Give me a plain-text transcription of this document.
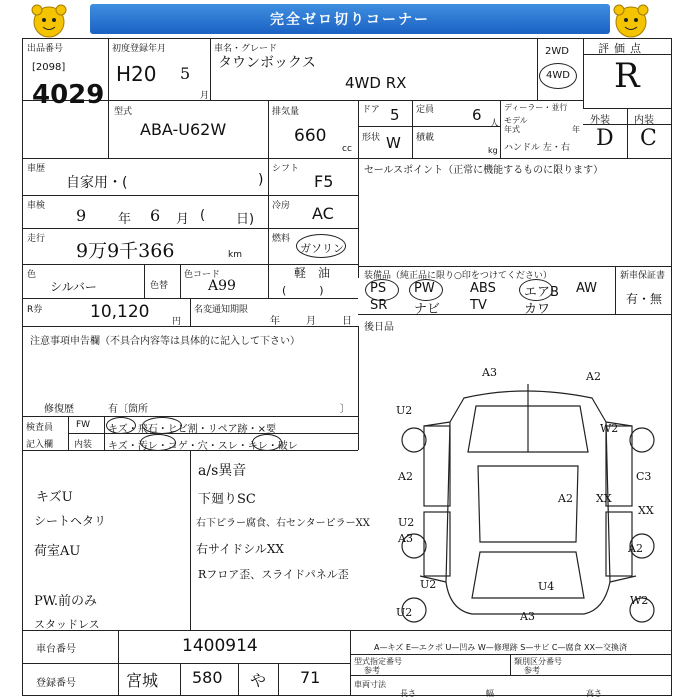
完全ゼロ切りコーナー
出品番号
[2098]
4029
初度登録年月
H20 5
月
車名・グレード
タウンボックス
4WD RX
2WD
4WD
評価点
R
外装 内装
D C
型式
ABA-U62W
排気量
660
cc
ドア 5 定員	6 人
形状 W 積載
kg
ディーラー・並行
モデル
年式	年
ハンドル 左・右
車歴
自家用・(	)
シフト
F5
車検 9 年 6 月 ( 日)
冷房 AC
走行
9万9千366	km
燃料
ガソリン
軽　油
(　　　)
色
シルバー	色替
色コード
A99
セールスポイント（正常に機能するものに限ります）
装備品（純正品に限り○印をつけてください）	新車保証書
有・無
後日品
R券	10,120	円
名変通知期限
年	月	日
注意事項申告欄（不具合内容等は具体的に記入して下さい）
修復歴	有〔箇所	〕
検査員
記入欄
FW キズ・飛石・ヒビ割・リペア跡・×要
内装 キズ・汚レ・コゲ・穴・スレ・キレ・破レ
a/s異音
キズU	下廻りSC
シートヘタリ	右下ピラー腐食、右センターピラーXX
荷室AU	右サイドシルXX
Rフロア歪、スライドパネル歪
PW.前のみ
スタッドレス
A—キズ E—エクボ U—凹み W—修理跡 S—サビ C—腐食 XX—交換済
車台番号	1400914
登録番号	宮城 580 や 71
型式指定番号	類別区分番号
参考	参考
車両寸法
長さ	幅	高さ
PS PW	ABS エアB AW
SR ナビ TV	カワ
A3	A2
U2
W2
A2	C3
A2 XX
XX
U2
A3
A2
U4
U2
A3
W2
U2
